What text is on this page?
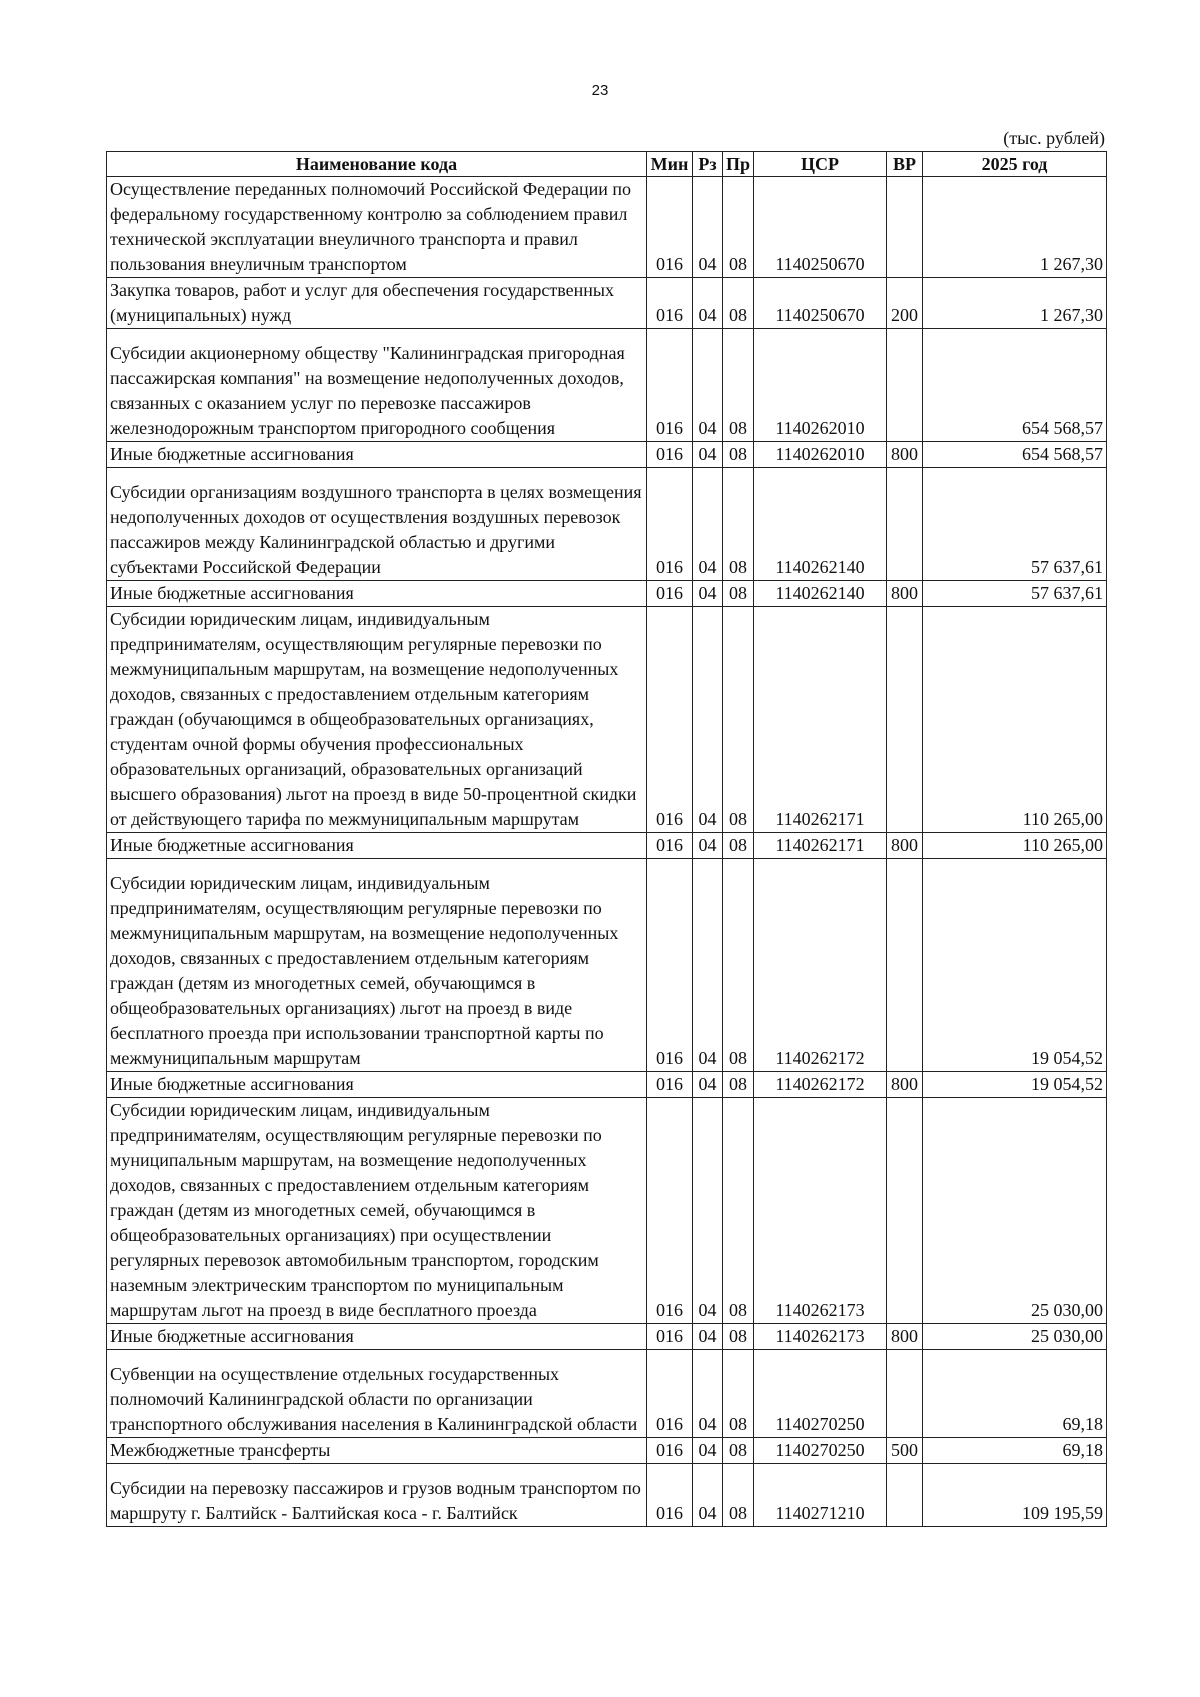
23
(тыс. рублей)
Наименование кода	Мин	Рз	Пр	ЦСР	ВР	2025 год
Осуществление переданных полномочий Российской Федерации по федеральному государственному контролю за соблюдением правил технической эксплуатации внеуличного транспорта и правил пользования внеуличным транспортом	016	04	08	1140250670		1 267,30
Закупка товаров, работ и услуг для обеспечения государственных (муниципальных) нужд	016	04	08	1140250670	200	1 267,30
Субсидии акционерному обществу "Калининградская пригородная пассажирская компания" на возмещение недополученных доходов, связанных с оказанием услуг по перевозке пассажиров железнодорожным транспортом пригородного сообщения	016	04	08	1140262010		654 568,57
Иные бюджетные ассигнования	016	04	08	1140262010	800	654 568,57
Субсидии организациям воздушного транспорта в целях возмещения недополученных доходов от осуществления воздушных перевозок пассажиров между Калининградской областью и другими субъектами Российской Федерации	016	04	08	1140262140		57 637,61
Иные бюджетные ассигнования	016	04	08	1140262140	800	57 637,61
Субсидии юридическим лицам, индивидуальным предпринимателям, осуществляющим регулярные перевозки по межмуниципальным маршрутам, на возмещение недополученных доходов, связанных с предоставлением отдельным категориям граждан (обучающимся в общеобразовательных организациях, студентам очной формы обучения профессиональных образовательных организаций, образовательных организаций высшего образования) льгот на проезд в виде 50-процентной скидки от действующего тарифа по межмуниципальным маршрутам	016	04	08	1140262171		110 265,00
Иные бюджетные ассигнования	016	04	08	1140262171	800	110 265,00
Субсидии юридическим лицам, индивидуальным предпринимателям, осуществляющим регулярные перевозки по межмуниципальным маршрутам, на возмещение недополученных доходов, связанных с предоставлением отдельным категориям граждан (детям из многодетных семей, обучающимся в общеобразовательных организациях) льгот на проезд в виде бесплатного проезда при использовании транспортной карты по межмуниципальным маршрутам	016	04	08	1140262172		19 054,52
Иные бюджетные ассигнования	016	04	08	1140262172	800	19 054,52
Субсидии юридическим лицам, индивидуальным предпринимателям, осуществляющим регулярные перевозки по муниципальным маршрутам, на возмещение недополученных доходов, связанных с предоставлением отдельным категориям граждан (детям из многодетных семей, обучающимся в общеобразовательных организациях) при осуществлении регулярных перевозок автомобильным транспортом, городским наземным электрическим транспортом по муниципальным маршрутам льгот на проезд в виде бесплатного проезда	016	04	08	1140262173		25 030,00
Иные бюджетные ассигнования	016	04	08	1140262173	800	25 030,00
Субвенции на осуществление отдельных государственных полномочий Калининградской области по организации транспортного обслуживания населения в Калининградской области	016	04	08	1140270250		69,18
Межбюджетные трансферты	016	04	08	1140270250	500	69,18
Субсидии на перевозку пассажиров и грузов водным транспортом по маршруту г. Балтийск - Балтийская коса - г. Балтийск	016	04	08	1140271210		109 195,59
